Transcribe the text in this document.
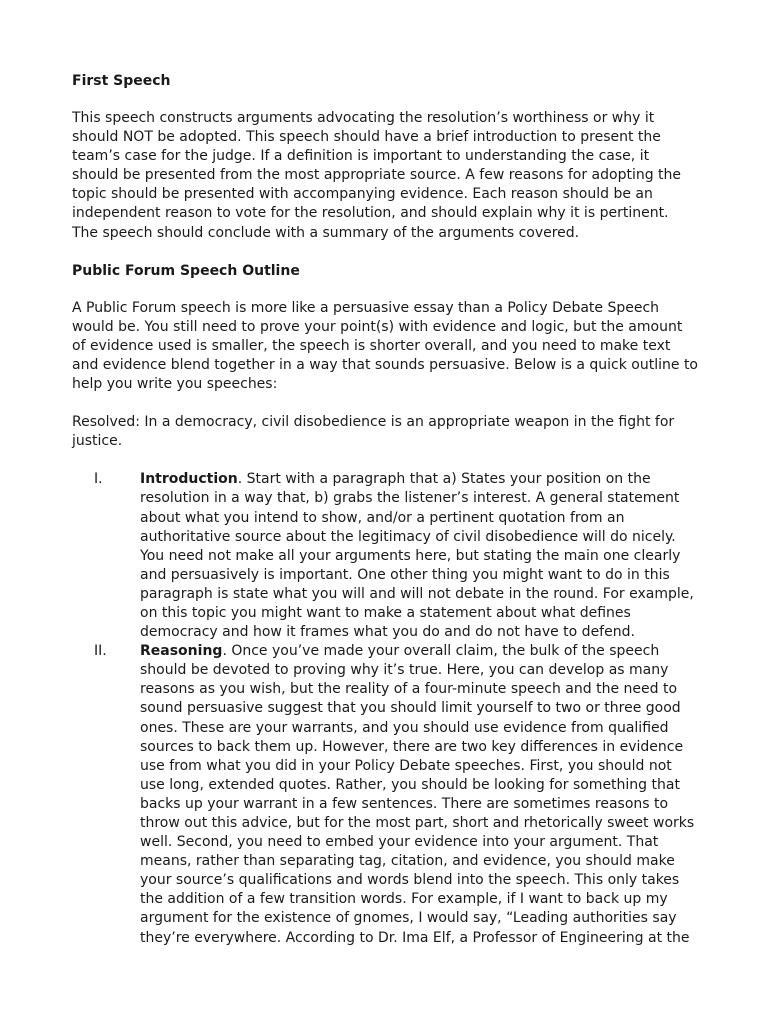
First Speech

This speech constructs arguments advocating the resolution’s worthiness or why it should NOT be adopted. This speech should have a brief introduction to present the team’s case for the judge. If a definition is important to understanding the case, it should be presented from the most appropriate source. A few reasons for adopting the topic should be presented with accompanying evidence. Each reason should be an independent reason to vote for the resolution, and should explain why it is pertinent. The speech should conclude with a summary of the arguments covered.

Public Forum Speech Outline

A Public Forum speech is more like a persuasive essay than a Policy Debate Speech would be. You still need to prove your point(s) with evidence and logic, but the amount of evidence used is smaller, the speech is shorter overall, and you need to make text and evidence blend together in a way that sounds persuasive. Below is a quick outline to help you write you speeches:

Resolved: In a democracy, civil disobedience is an appropriate weapon in the fight for justice.

I.	Introduction. Start with a paragraph that a) States your position on the resolution in a way that, b) grabs the listener’s interest. A general statement about what you intend to show, and/or a pertinent quotation from an authoritative source about the legitimacy of civil disobedience will do nicely. You need not make all your arguments here, but stating the main one clearly and persuasively is important. One other thing you might want to do in this paragraph is state what you will and will not debate in the round. For example, on this topic you might want to make a statement about what defines democracy and how it frames what you do and do not have to defend.
II. Reasoning. Once you’ve made your overall claim, the bulk of the speech should be devoted to proving why it’s true. Here, you can develop as many reasons as you wish, but the reality of a four-minute speech and the need to sound persuasive suggest that you should limit yourself to two or three good ones. These are your warrants, and you should use evidence from qualified sources to back them up. However, there are two key differences in evidence use from what you did in your Policy Debate speeches. First, you should not use long, extended quotes. Rather, you should be looking for something that backs up your warrant in a few sentences. There are sometimes reasons to throw out this advice, but for the most part, short and rhetorically sweet works well. Second, you need to embed your evidence into your argument. That means, rather than separating tag, citation, and evidence, you should make your source’s qualifications and words blend into the speech. This only takes the addition of a few transition words. For example, if I want to back up my argument for the existence of gnomes, I would say, “Leading authorities say they’re everywhere. According to Dr. Ima Elf, a Professor of Engineering at the
